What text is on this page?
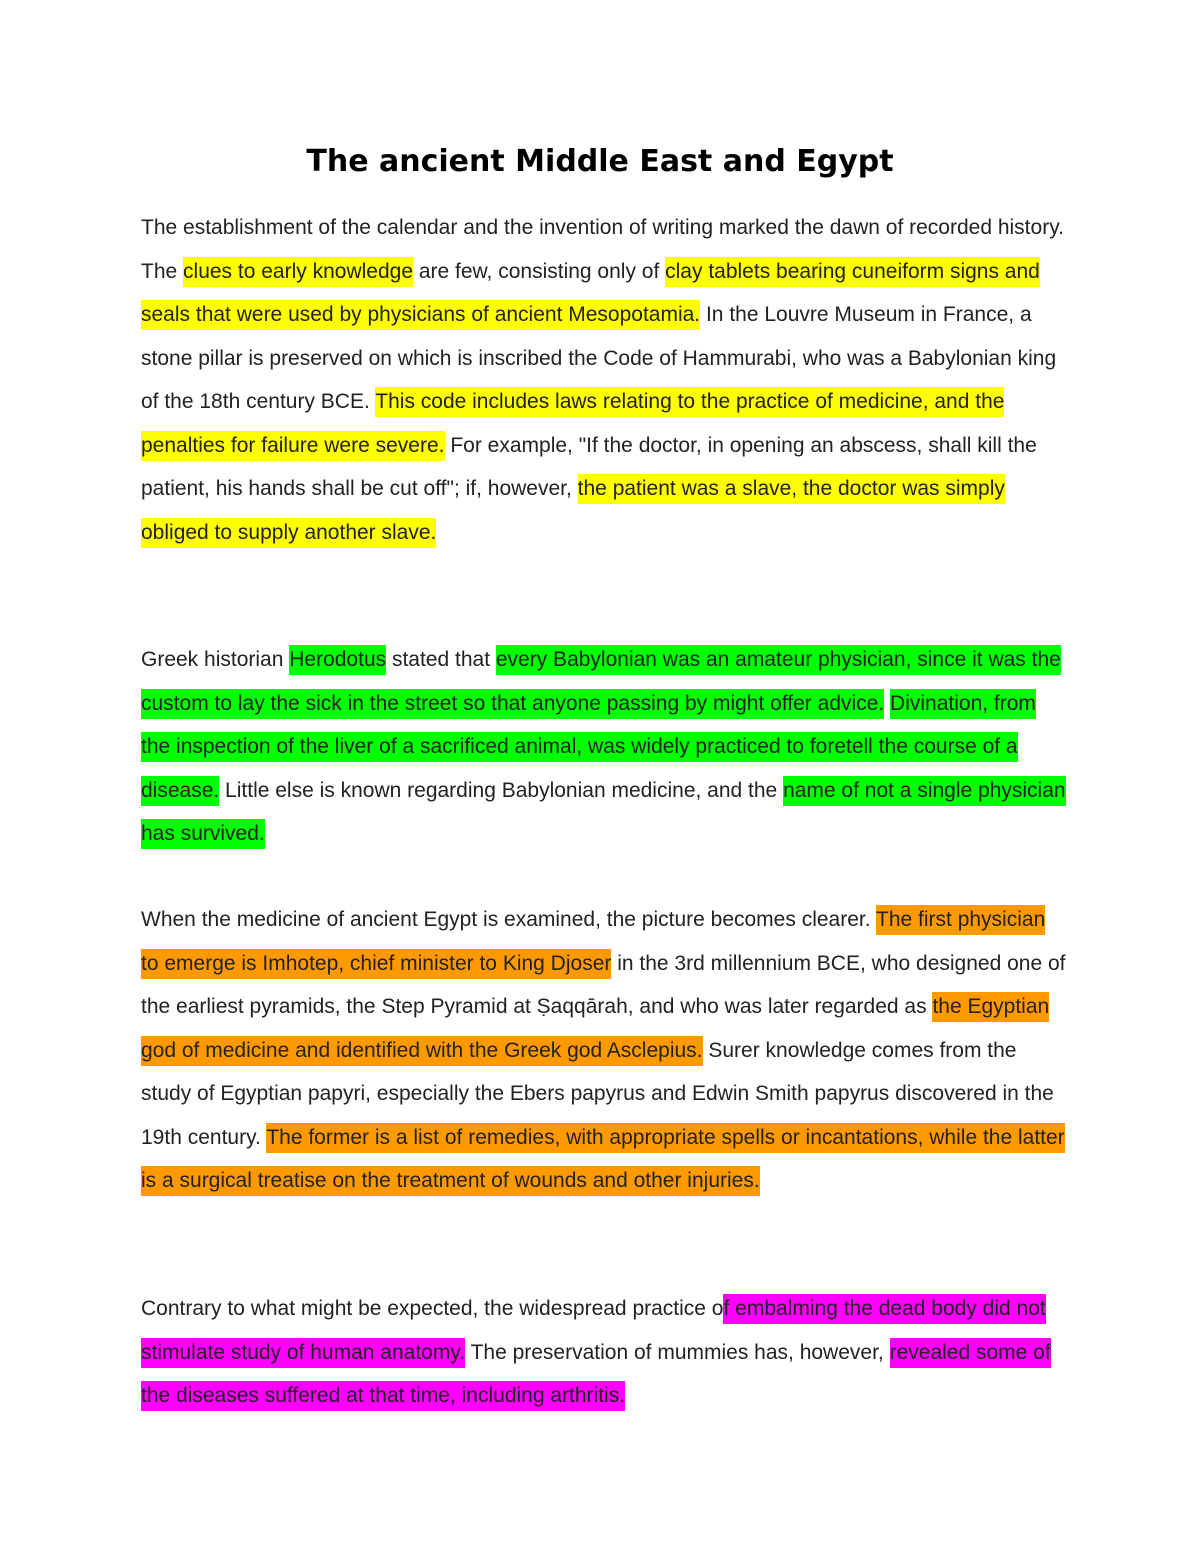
The ancient Middle East and Egypt

The establishment of the calendar and the invention of writing marked the dawn of recorded history. The clues to early knowledge are few, consisting only of clay tablets bearing cuneiform signs and seals that were used by physicians of ancient Mesopotamia. In the Louvre Museum in France, a stone pillar is preserved on which is inscribed the Code of Hammurabi, who was a Babylonian king of the 18th century BCE. This code includes laws relating to the practice of medicine, and the penalties for failure were severe. For example, "If the doctor, in opening an abscess, shall kill the patient, his hands shall be cut off"; if, however, the patient was a slave, the doctor was simply obliged to supply another slave.

Greek historian Herodotus stated that every Babylonian was an amateur physician, since it was the custom to lay the sick in the street so that anyone passing by might offer advice. Divination, from the inspection of the liver of a sacrificed animal, was widely practiced to foretell the course of a disease. Little else is known regarding Babylonian medicine, and the name of not a single physician has survived.

When the medicine of ancient Egypt is examined, the picture becomes clearer. The first physician to emerge is Imhotep, chief minister to King Djoser in the 3rd millennium BCE, who designed one of the earliest pyramids, the Step Pyramid at Ṣaqqārah, and who was later regarded as the Egyptian god of medicine and identified with the Greek god Asclepius. Surer knowledge comes from the study of Egyptian papyri, especially the Ebers papyrus and Edwin Smith papyrus discovered in the 19th century. The former is a list of remedies, with appropriate spells or incantations, while the latter is a surgical treatise on the treatment of wounds and other injuries.

Contrary to what might be expected, the widespread practice of embalming the dead body did not stimulate study of human anatomy. The preservation of mummies has, however, revealed some of the diseases suffered at that time, including arthritis.
